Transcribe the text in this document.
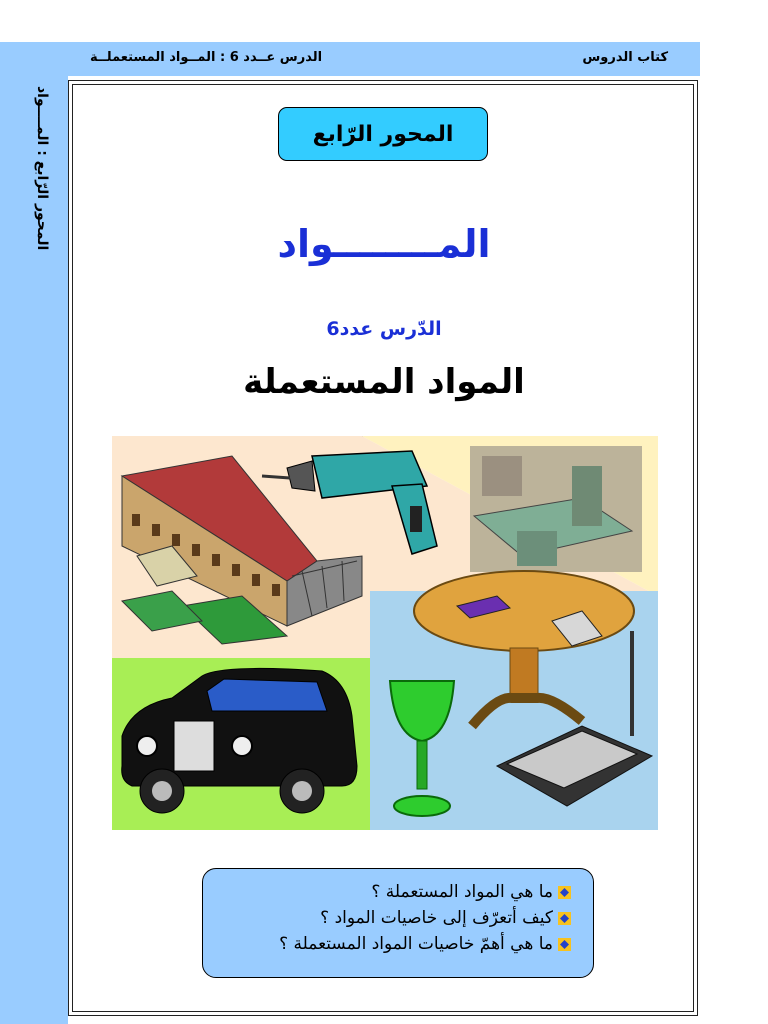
الدرس عــدد 6 : المــواد المستعملــة	كتاب الدروس
المحور الرّابع : المــــواد	المحور الرّابع
المــــــــواد
الدّرس عدد6
المواد المستعملة
ما هي المواد المستعملة ؟
كيف أتعرّف إلى خاصيات المواد ؟
ما هي أهمّ خاصيات المواد المستعملة ؟
